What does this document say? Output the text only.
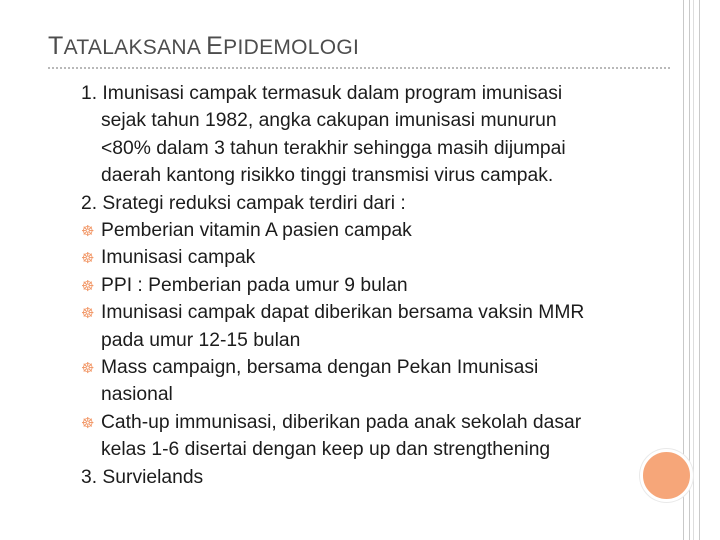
TATALAKSANA EPIDEMOLOGI
1. Imunisasi campak termasuk dalam program imunisasi
sejak tahun 1982, angka cakupan imunisasi munurun
<80% dalam 3 tahun terakhir sehingga masih dijumpai
daerah kantong risikko tinggi transmisi virus campak.
2. Srategi reduksi campak terdiri dari :
☸ Pemberian vitamin A pasien campak
☸ Imunisasi campak
☸ PPI : Pemberian pada umur 9 bulan
☸ Imunisasi campak dapat diberikan bersama vaksin MMR
pada umur 12-15 bulan
☸ Mass campaign, bersama dengan Pekan Imunisasi
nasional
☸ Cath-up immunisasi, diberikan pada anak sekolah dasar
kelas 1-6 disertai dengan keep up dan strengthening
3. Survielands
